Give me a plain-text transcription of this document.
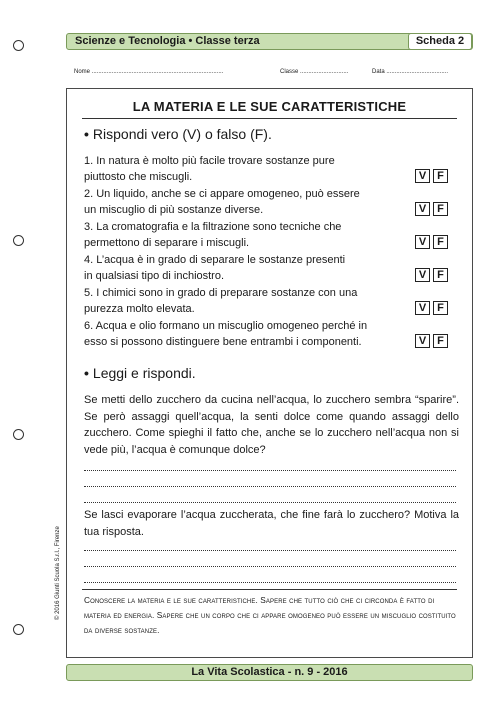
Scienze e Tecnologia • Classe terza	Scheda 2
Nome ...............................................................................	Classe .............................	Data .....................................
LA MATERIA E LE SUE CARATTERISTICHE
• Rispondi vero (V) o falso (F).
1. In natura è molto più facile trovare sostanze pure
piuttosto che miscugli.	V F
2. Un liquido, anche se ci appare omogeneo, può essere
un miscuglio di più sostanze diverse.	V F
3. La cromatografia e la filtrazione sono tecniche che
permettono di separare i miscugli.	V F
4. L’acqua è in grado di separare le sostanze presenti
in qualsiasi tipo di inchiostro.	V F
5. I chimici sono in grado di preparare sostanze con una
purezza molto elevata.	V F
6. Acqua e olio formano un miscuglio omogeneo perché in
esso si possono distinguere bene entrambi i componenti.	V F
• Leggi e rispondi.
Se metti dello zucchero da cucina nell’acqua, lo zucchero sembra “sparire”. Se però assaggi quell’acqua, la senti dolce come quando assaggi dello zucchero. Come spieghi il fatto che, anche se lo zucchero nell’acqua non si vede più, l’acqua è comunque dolce?
Se lasci evaporare l’acqua zuccherata, che fine farà lo zucchero? Motiva la tua risposta.
Conoscere la materia e le sue caratteristiche. Sapere che tutto ciò che ci circonda è fatto di materia ed energia. Sapere che un corpo che ci appare omogeneo può essere un miscuglio costituito da diverse sostanze.
© 2016 Giunti Scuola S.r.l., Firenze
La Vita Scolastica - n. 9 - 2016
